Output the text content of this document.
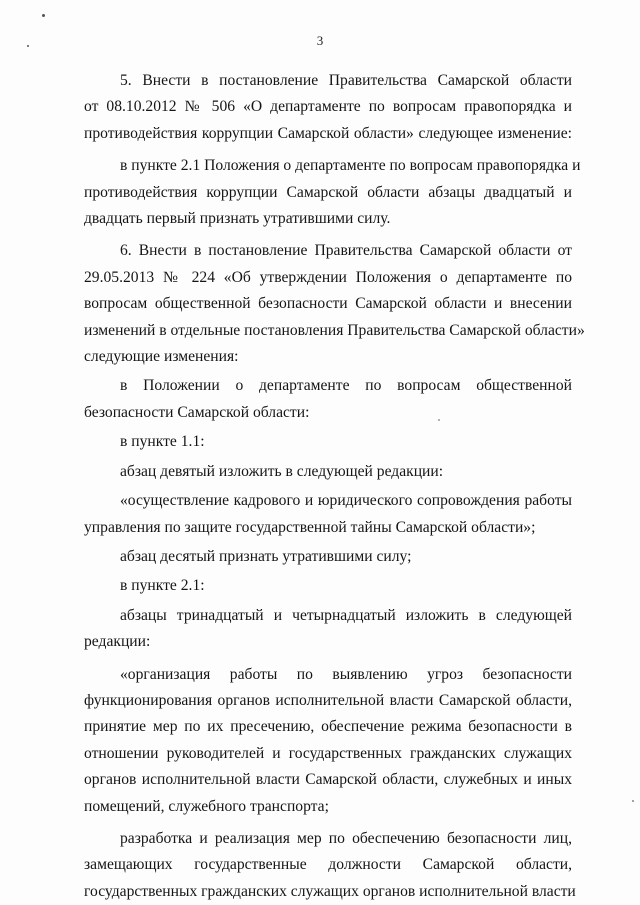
3
5. Внести в постановление Правительства Самарской области
от 08.10.2012 № 506 «О департаменте по вопросам правопорядка и
противодействия коррупции Самарской области» следующее изменение:
в пункте 2.1 Положения о департаменте по вопросам правопорядка и
противодействия коррупции Самарской области абзацы двадцатый и
двадцать первый признать утратившими силу.
6. Внести в постановление Правительства Самарской области от
29.05.2013 № 224 «Об утверждении Положения о департаменте по
вопросам общественной безопасности Самарской области и внесении
изменений в отдельные постановления Правительства Самарской области»
следующие изменения:
в Положении о департаменте по вопросам общественной
безопасности Самарской области:
в пункте 1.1:
абзац девятый изложить в следующей редакции:
«осуществление кадрового и юридического сопровождения работы
управления по защите государственной тайны Самарской области»;
абзац десятый признать утратившими силу;
в пункте 2.1:
абзацы тринадцатый и четырнадцатый изложить в следующей
редакции:
«организация работы по выявлению угроз безопасности
функционирования органов исполнительной власти Самарской области,
принятие мер по их пресечению, обеспечение режима безопасности в
отношении руководителей и государственных гражданских служащих
органов исполнительной власти Самарской области, служебных и иных
помещений, служебного транспорта;
разработка и реализация мер по обеспечению безопасности лиц,
замещающих государственные должности Самарской области,
государственных гражданских служащих органов исполнительной власти
